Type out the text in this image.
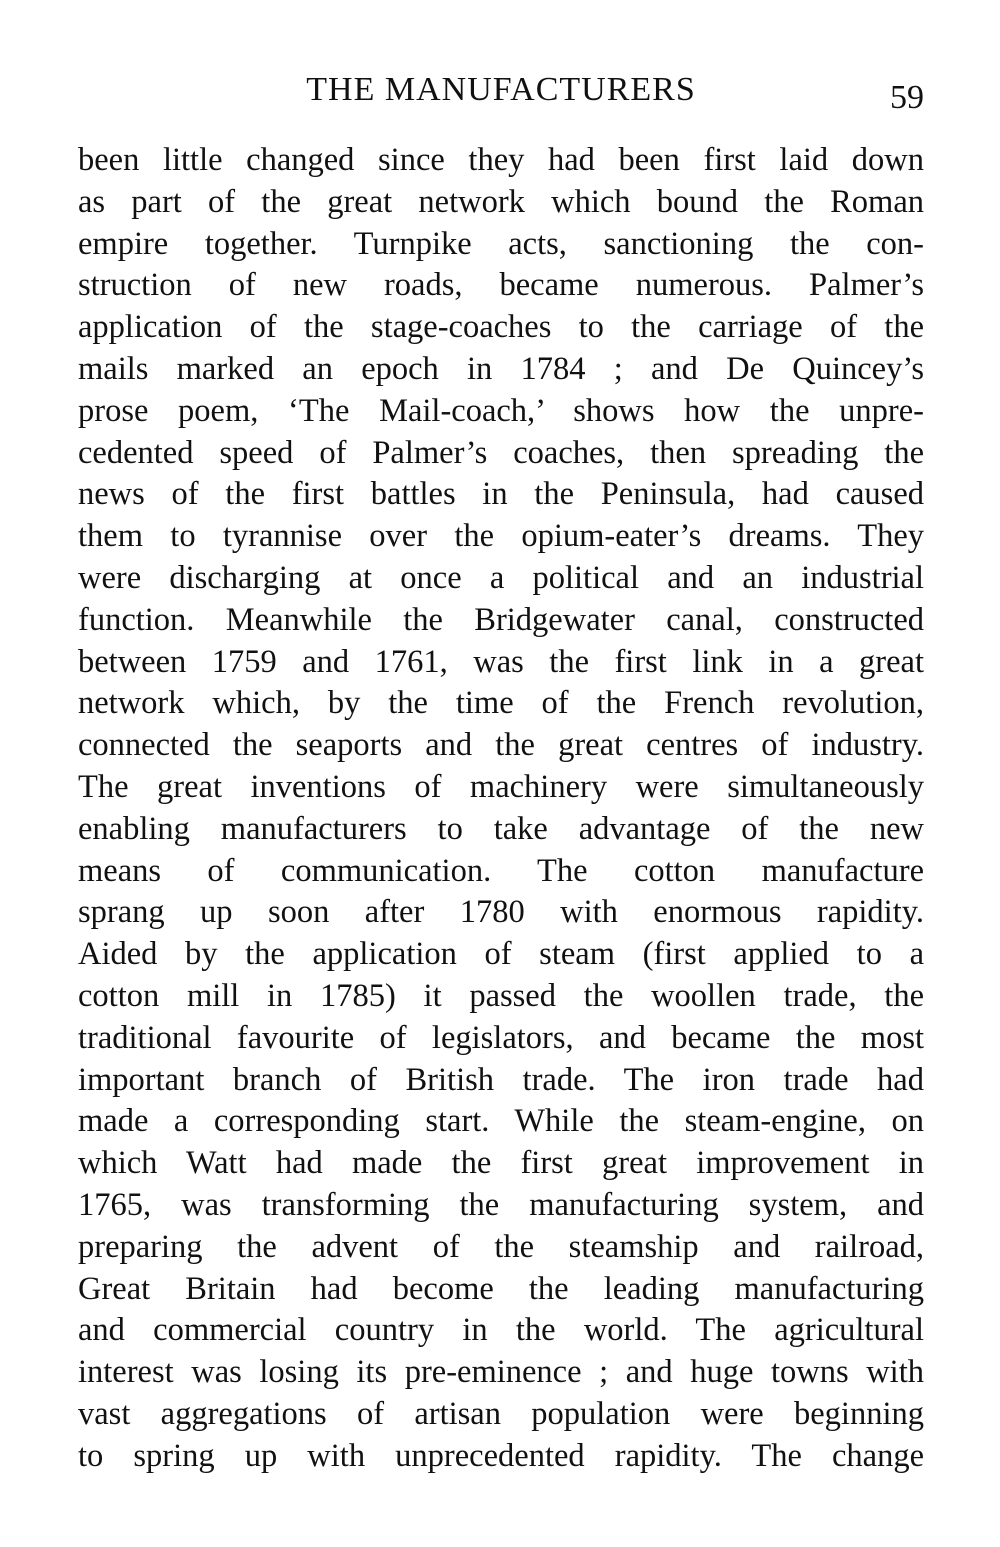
THE MANUFACTURERS	59
been little changed since they had been first laid down
as part of the great network which bound the Roman
empire together. Turnpike acts, sanctioning the con-
struction of new roads, became numerous. Palmer’s
application of the stage-coaches to the carriage of the
mails marked an epoch in 1784 ; and De Quincey’s
prose poem, ‘The Mail-coach,’ shows how the unpre-
cedented speed of Palmer’s coaches, then spreading the
news of the first battles in the Peninsula, had caused
them to tyrannise over the opium-eater’s dreams. They
were discharging at once a political and an industrial
function. Meanwhile the Bridgewater canal, constructed
between 1759 and 1761, was the first link in a great
network which, by the time of the French revolution,
connected the seaports and the great centres of industry.
The great inventions of machinery were simultaneously
enabling manufacturers to take advantage of the new
means of communication. The cotton manufacture
sprang up soon after 1780 with enormous rapidity.
Aided by the application of steam (first applied to a
cotton mill in 1785) it passed the woollen trade, the
traditional favourite of legislators, and became the most
important branch of British trade. The iron trade had
made a corresponding start. While the steam-engine, on
which Watt had made the first great improvement in
1765, was transforming the manufacturing system, and
preparing the advent of the steamship and railroad,
Great Britain had become the leading manufacturing
and commercial country in the world. The agricultural
interest was losing its pre-eminence ; and huge towns with
vast aggregations of artisan population were beginning
to spring up with unprecedented rapidity. The change
